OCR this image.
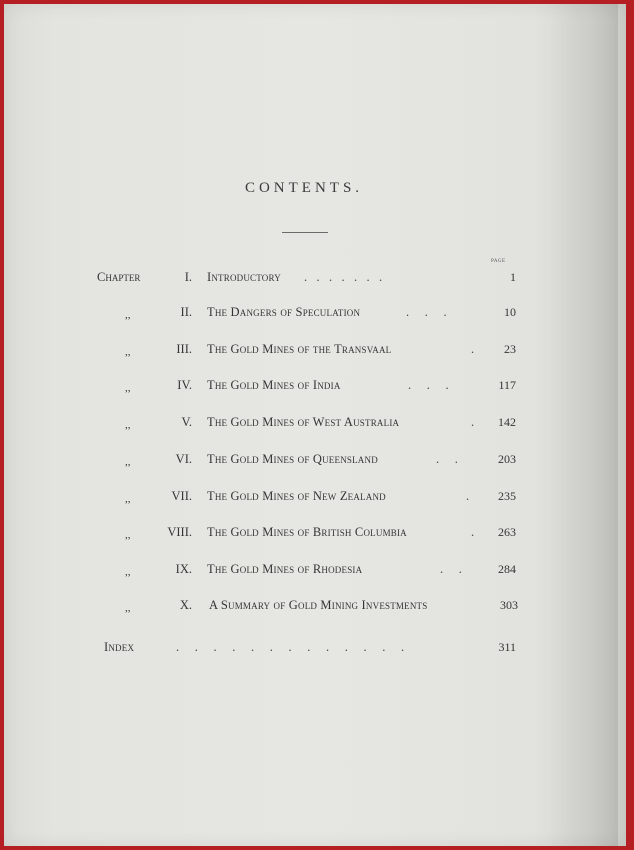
CONTENTS.
PAGE
Chapter	I. Introductory .   .   .   .   .   .   .	1
,,	II. The Dangers of Speculation	.     .     .	10
,,	III. The Gold Mines of the Transvaal	. 23
,,	IV. The Gold Mines of India	.     .     .	117
,,	V. The Gold Mines of West Australia	. 142
,,	VI. The Gold Mines of Queensland	.     .	203
,,	VII. The Gold Mines of New Zealand	. 235
,,	VIII. The Gold Mines of British Columbia	. 263
,,	IX. The Gold Mines of Rhodesia	.     .	284
,,	X. A Summary of Gold Mining Investments	303
Index	.     .     .     .     .     .     .     .     .     .     .     .     .	311
